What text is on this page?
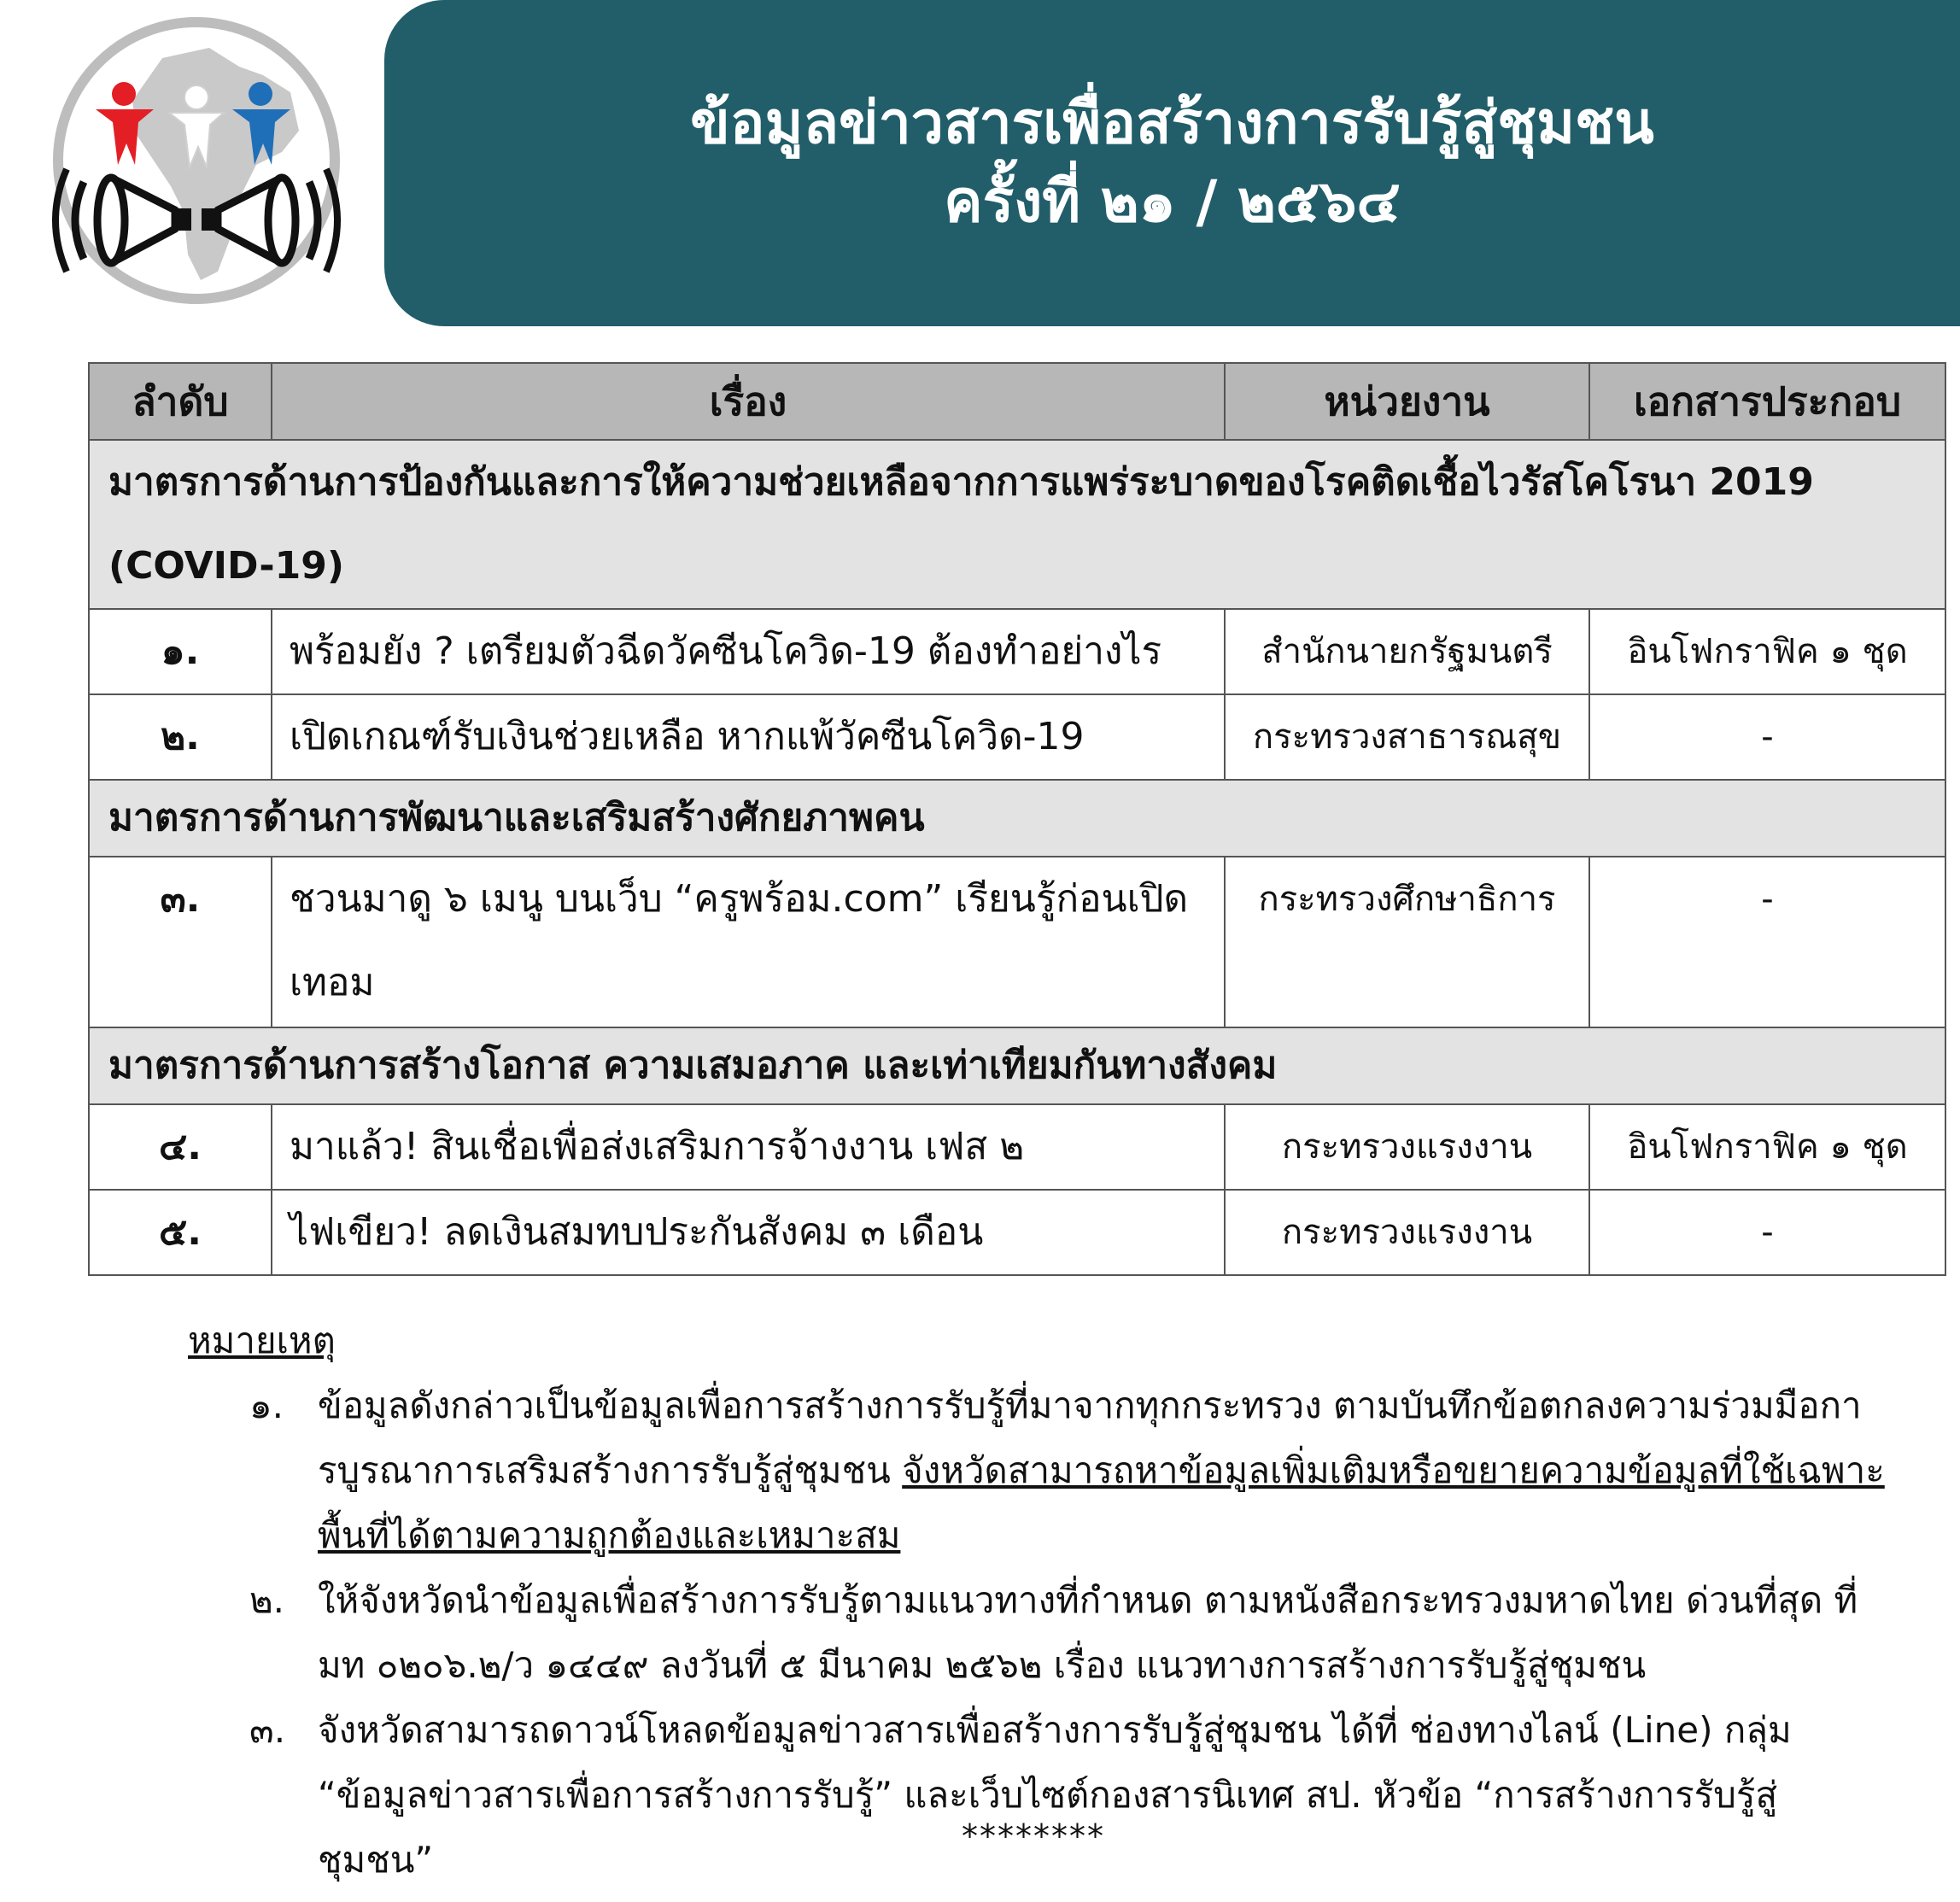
ข้อมูลข่าวสารเพื่อสร้างการรับรู้สู่ชุมชน
ครั้งที่ ๒๑ / ๒๕๖๔
ลำดับ	เรื่อง	หน่วยงาน	เอกสารประกอบ
มาตรการด้านการป้องกันและการให้ความช่วยเหลือจากการแพร่ระบาดของโรคติดเชื้อไวรัสโคโรนา 2019 (COVID-19)			
๑.	พร้อมยัง ? เตรียมตัวฉีดวัคซีนโควิด-19 ต้องทำอย่างไร	สำนักนายกรัฐมนตรี	อินโฟกราฟิค ๑ ชุด
๒.	เปิดเกณฑ์รับเงินช่วยเหลือ หากแพ้วัคซีนโควิด-19	กระทรวงสาธารณสุข	-
มาตรการด้านการพัฒนาและเสริมสร้างศักยภาพคน			
๓.	ชวนมาดู ๖ เมนู บนเว็บ “ครูพร้อม.com” เรียนรู้ก่อนเปิดเทอม	กระทรวงศึกษาธิการ	-
มาตรการด้านการสร้างโอกาส ความเสมอภาค และเท่าเทียมกันทางสังคม			
๔.	มาแล้ว! สินเชื่อเพื่อส่งเสริมการจ้างงาน เฟส ๒	กระทรวงแรงงาน	อินโฟกราฟิค ๑ ชุด
๕.	ไฟเขียว! ลดเงินสมทบประกันสังคม ๓ เดือน	กระทรวงแรงงาน	-
หมายเหตุ
๑. ข้อมูลดังกล่าวเป็นข้อมูลเพื่อการสร้างการรับรู้ที่มาจากทุกกระทรวง ตามบันทึกข้อตกลงความร่วมมือการบูรณาการเสริมสร้างการรับรู้สู่ชุมชน จังหวัดสามารถหาข้อมูลเพิ่มเติมหรือขยายความข้อมูลที่ใช้เฉพาะพื้นที่ได้ตามความถูกต้องและเหมาะสม
๒. ให้จังหวัดนำข้อมูลเพื่อสร้างการรับรู้ตามแนวทางที่กำหนด ตามหนังสือกระทรวงมหาดไทย ด่วนที่สุด ที่ มท ๐๒๐๖.๒/ว ๑๔๔๙ ลงวันที่ ๕ มีนาคม ๒๕๖๒ เรื่อง แนวทางการสร้างการรับรู้สู่ชุมชน
๓. จังหวัดสามารถดาวน์โหลดข้อมูลข่าวสารเพื่อสร้างการรับรู้สู่ชุมชน ได้ที่ ช่องทางไลน์ (Line) กลุ่ม “ข้อมูลข่าวสารเพื่อการสร้างการรับรู้” และเว็บไซต์กองสารนิเทศ สป. หัวข้อ “การสร้างการรับรู้สู่ชุมชน”
********
